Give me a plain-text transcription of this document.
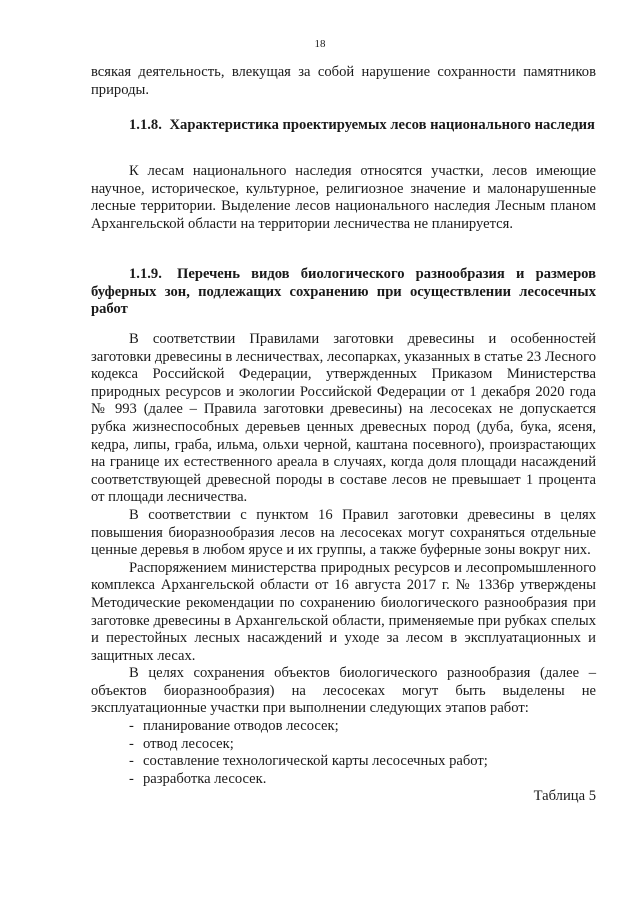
18

всякая деятельность, влекущая за собой нарушение сохранности памятников природы.

1.1.8. Характеристика проектируемых лесов национального наследия

К лесам национального наследия относятся участки, лесов имеющие научное, историческое, культурное, религиозное значение и малонарушенные лесные территории. Выделение лесов национального наследия Лесным планом Архангельской области на территории лесничества не планируется.

1.1.9. Перечень видов биологического разнообразия и размеров буферных зон, подлежащих сохранению при осуществлении лесосечных работ

В соответствии Правилами заготовки древесины и особенностей заготовки древесины в лесничествах, лесопарках, указанных в статье 23 Лесного кодекса Российской Федерации, утвержденных Приказом Министерства природных ресурсов и экологии Российской Федерации от 1 декабря 2020 года № 993 (далее – Правила заготовки древесины) на лесосеках не допускается рубка жизнеспособных деревьев ценных древесных пород (дуба, бука, ясеня, кедра, липы, граба, ильма, ольхи черной, каштана посевного), произрастающих на границе их естественного ареала в случаях, когда доля площади насаждений соответствующей древесной породы в составе лесов не превышает 1 процента от площади лесничества.

В соответствии с пунктом 16 Правил заготовки древесины в целях повышения биоразнообразия лесов на лесосеках могут сохраняться отдельные ценные деревья в любом ярусе и их группы, а также буферные зоны вокруг них.

Распоряжением министерства природных ресурсов и лесопромышленного комплекса Архангельской области от 16 августа 2017 г. № 1336р утверждены Методические рекомендации по сохранению биологического разнообразия при заготовке древесины в Архангельской области, применяемые при рубках спелых и перестойных лесных насаждений и уходе за лесом в эксплуатационных и защитных лесах.

В целях сохранения объектов биологического разнообразия (далее – объектов биоразнообразия) на лесосеках могут быть выделены не эксплуатационные участки при выполнении следующих этапов работ:

- планирование отводов лесосек;
- отвод лесосек;
- составление технологической карты лесосечных работ;
- разработка лесосек.

Таблица 5
